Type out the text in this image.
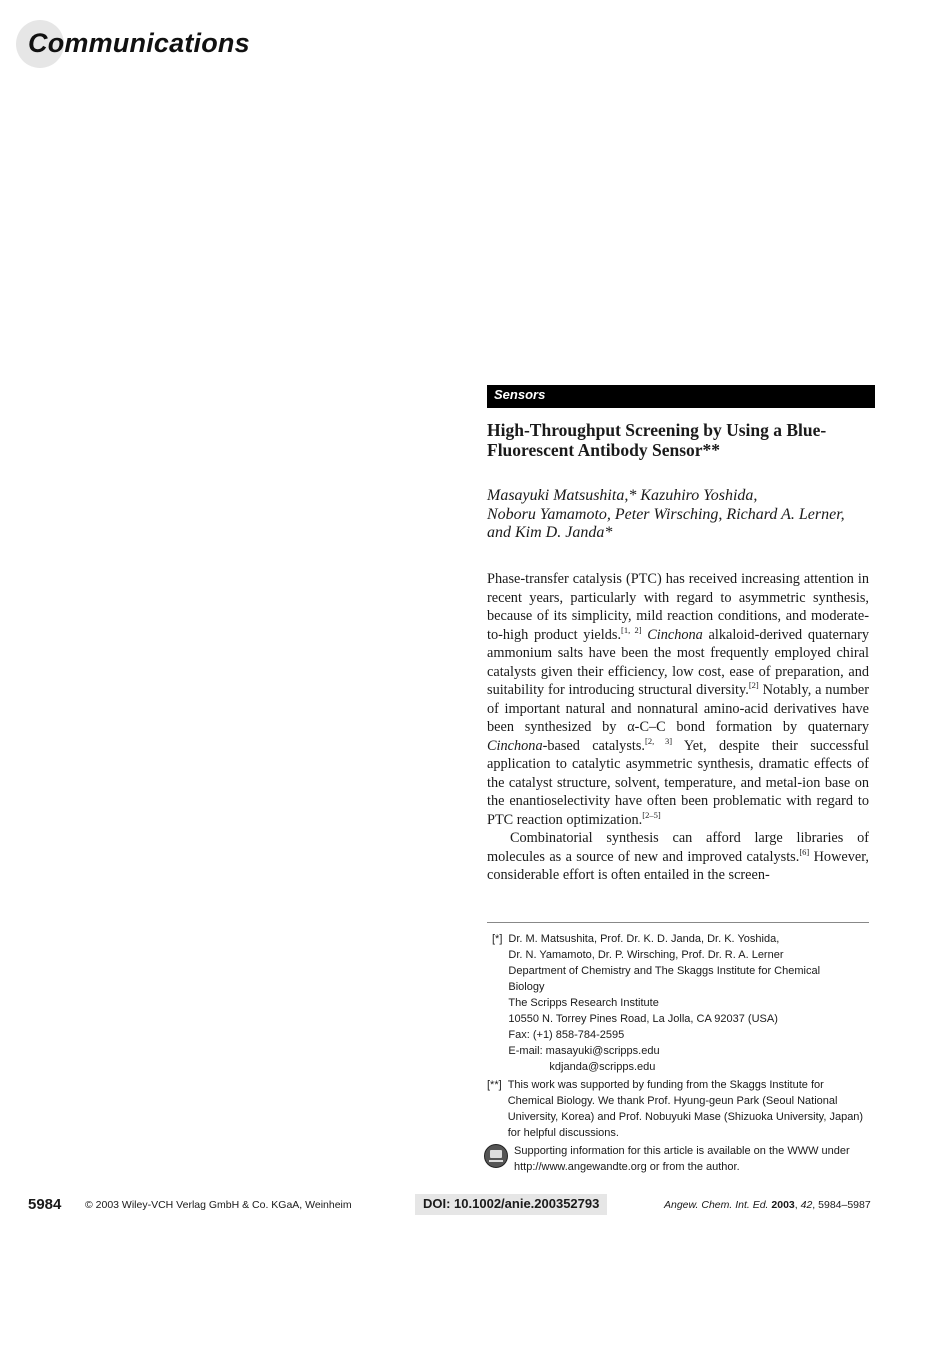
Communications
Sensors
High-Throughput Screening by Using a Blue-
Fluorescent Antibody Sensor**
Masayuki Matsushita,* Kazuhiro Yoshida,
Noboru Yamamoto, Peter Wirsching, Richard A. Lerner,
and Kim D. Janda*

Phase-transfer catalysis (PTC) has received increasing attention in recent years, particularly with regard to asymmetric synthesis, because of its simplicity, mild reaction conditions, and moderate-to-high product yields.[1, 2] Cinchona alkaloid-derived quaternary ammonium salts have been the most frequently employed chiral catalysts given their efficiency, low cost, ease of preparation, and suitability for introducing structural diversity.[2] Notably, a number of important natural and nonnatural amino-acid derivatives have been synthesized by α-C–C bond formation by quaternary Cinchona-based catalysts.[2, 3] Yet, despite their successful application to catalytic asymmetric synthesis, dramatic effects of the catalyst structure, solvent, temperature, and metal-ion base on the enantioselectivity have often been problematic with regard to PTC reaction optimization.[2–5]

Combinatorial synthesis can afford large libraries of molecules as a source of new and improved catalysts.[6] However, considerable effort is often entailed in the screen-

[*] Dr. M. Matsushita, Prof. Dr. K. D. Janda, Dr. K. Yoshida,
Dr. N. Yamamoto, Dr. P. Wirsching, Prof. Dr. R. A. Lerner
Department of Chemistry and The Skaggs Institute for Chemical
Biology
The Scripps Research Institute
10550 N. Torrey Pines Road, La Jolla, CA 92037 (USA)
Fax: (+1) 858-784-2595
E-mail: masayuki@scripps.edu
kdjanda@scripps.edu
[**] This work was supported by funding from the Skaggs Institute for Chemical Biology. We thank Prof. Hyung-geun Park (Seoul National University, Korea) and Prof. Nobuyuki Mase (Shizuoka University, Japan) for helpful discussions.
Supporting information for this article is available on the WWW under http://www.angewandte.org or from the author.
5984 © 2003 Wiley-VCH Verlag GmbH & Co. KGaA, Weinheim	DOI: 10.1002/anie.200352793	Angew. Chem. Int. Ed. 2003, 42, 5984–5987
